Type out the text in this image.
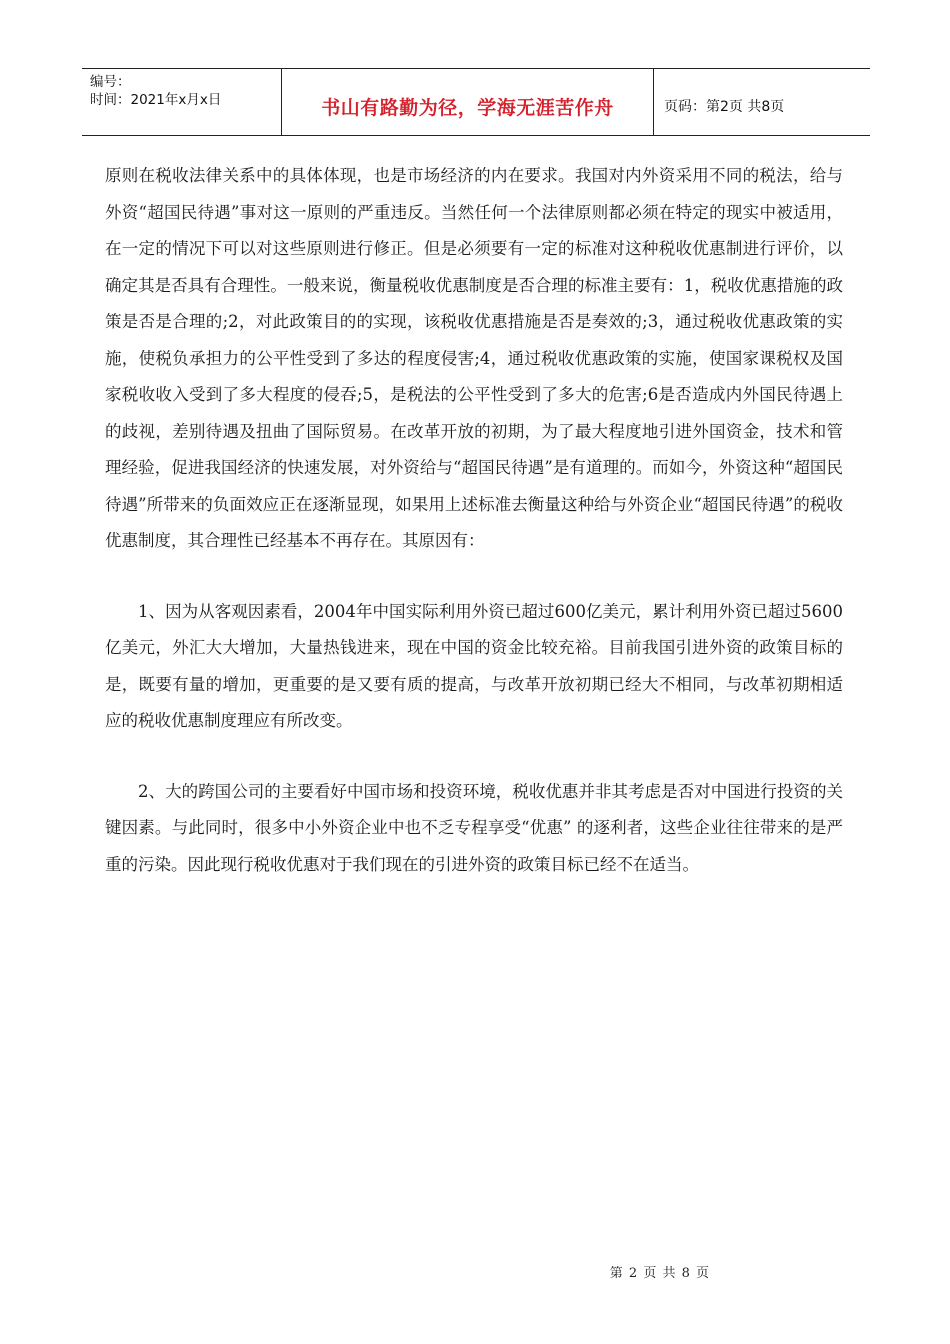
编号：
时间：2021年x月x日	书山有路勤为径，学海无涯苦作舟	页码：第2页 共8页

原则在税收法律关系中的具体体现，也是市场经济的内在要求。我国对内外资采用不同的税法，给与外资“超国民待遇”事对这一原则的严重违反。当然任何一个法律原则都必须在特定的现实中被适用，在一定的情况下可以对这些原则进行修正。但是必须要有一定的标准对这种税收优惠制进行评价，以确定其是否具有合理性。一般来说，衡量税收优惠制度是否合理的标准主要有：1，税收优惠措施的政策是否是合理的;2，对此政策目的的实现，该税收优惠措施是否是奏效的;3，通过税收优惠政策的实施，使税负承担力的公平性受到了多达的程度侵害;4，通过税收优惠政策的实施，使国家课税权及国家税收收入受到了多大程度的侵吞;5，是税法的公平性受到了多大的危害;6是否造成内外国民待遇上的歧视，差别待遇及扭曲了国际贸易。在改革开放的初期，为了最大程度地引进外国资金，技术和管理经验，促进我国经济的快速发展，对外资给与“超国民待遇”是有道理的。而如今，外资这种“超国民待遇”所带来的负面效应正在逐渐显现，如果用上述标准去衡量这种给与外资企业“超国民待遇”的税收优惠制度，其合理性已经基本不再存在。其原因有：

1、因为从客观因素看，2004年中国实际利用外资已超过600亿美元，累计利用外资已超过5600亿美元，外汇大大增加，大量热钱进来，现在中国的资金比较充裕。目前我国引进外资的政策目标的是，既要有量的增加，更重要的是又要有质的提高，与改革开放初期已经大不相同，与改革初期相适应的税收优惠制度理应有所改变。

2、大的跨国公司的主要看好中国市场和投资环境，税收优惠并非其考虑是否对中国进行投资的关键因素。与此同时，很多中小外资企业中也不乏专程享受“优惠” 的逐利者，这些企业往往带来的是严重的污染。因此现行税收优惠对于我们现在的引进外资的政策目标已经不在适当。

第 2 页 共 8 页
